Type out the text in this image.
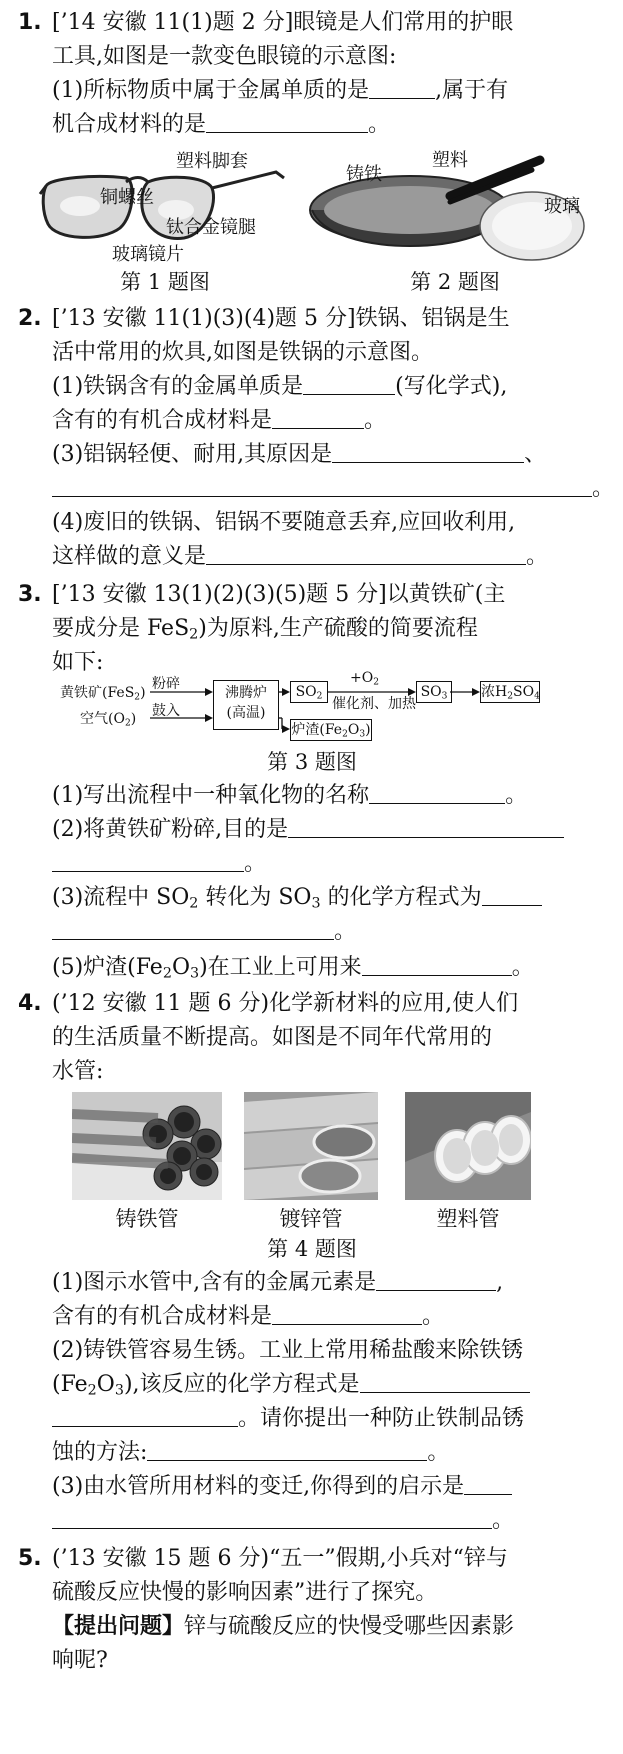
1. [’14 安徽 11(1)题 2 分]眼镜是人们常用的护眼
工具,如图是一款变色眼镜的示意图:
(1)所标物质中属于金属单质的是	,属于有
机合成材料的是	。
塑料脚套
铜螺丝
钛合金镜腿
玻璃镜片
第 1 题图
铸铁
塑料
玻璃
第 2 题图
2. [’13 安徽 11(1)(3)(4)题 5 分]铁锅、铝锅是生
活中常用的炊具,如图是铁锅的示意图。
(1)铁锅含有的金属单质是	(写化学式),
含有的有机合成材料是	。
(3)铝锅轻便、耐用,其原因是	、
。
(4)废旧的铁锅、铝锅不要随意丢弃,应回收利用,
这样做的意义是	。
3. [’13 安徽 13(1)(2)(3)(5)题 5 分]以黄铁矿(主
要成分是 FeS$_2$)为原料,生产硫酸的简要流程
如下:
黄铁矿(FeS$_2$)
粉碎
空气$(O_2)$ 鼓入
沸腾炉
(高温)
$SO_2$
$+O_2$
催化剂、加热
$SO_3$	浓$H_2SO_4$
炉渣$(Fe_2O_3)$
第 3 题图
(1)写出流程中一种氧化物的名称	。
(2)将黄铁矿粉碎,目的是
。
(3)流程中 $SO_2$ 转化为 $SO_3$ 的化学方程式为
。
(5)炉渣$(Fe_2O_3)$在工业上可用来	。
4. (’12 安徽 11 题 6 分)化学新材料的应用,使人们
的生活质量不断提高。如图是不同年代常用的
水管:
铸铁管	镀锌管	塑料管
第 4 题图
(1)图示水管中,含有的金属元素是	,
含有的有机合成材料是	。
(2)铸铁管容易生锈。工业上常用稀盐酸来除铁锈
$(Fe_2O_3)$,该反应的化学方程式是
。请你提出一种防止铁制品锈
蚀的方法:	。
(3)由水管所用材料的变迁,你得到的启示是
。
5. (’13 安徽 15 题 6 分)“五一”假期,小兵对“锌与
硫酸反应快慢的影响因素”进行了探究。
【提出问题】锌与硫酸反应的快慢受哪些因素影
响呢?
